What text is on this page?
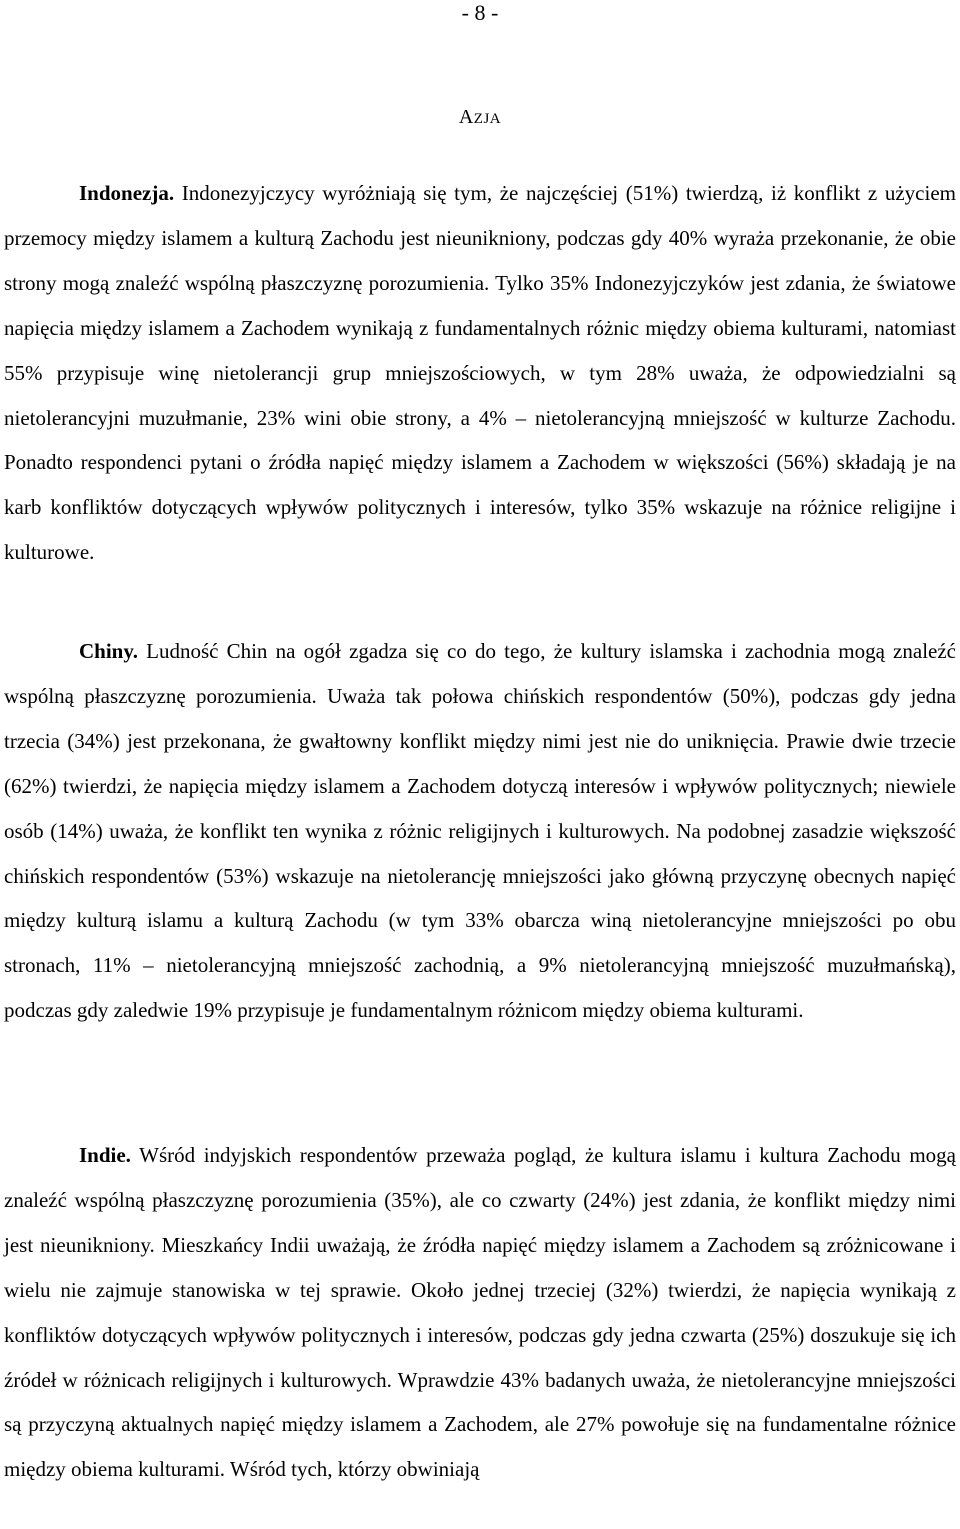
- 8 -
AZJA

Indonezja. Indonezyjczycy wyróżniają się tym, że najczęściej (51%) twierdzą, iż konflikt z użyciem przemocy między islamem a kulturą Zachodu jest nieunikniony, podczas gdy 40% wyraża przekonanie, że obie strony mogą znaleźć wspólną płaszczyznę porozumienia. Tylko 35% Indonezyjczyków jest zdania, że światowe napięcia między islamem a Zachodem wynikają z fundamentalnych różnic między obiema kulturami, natomiast 55% przypisuje winę nietolerancji grup mniejszościowych, w tym 28% uważa, że odpowiedzialni są nietolerancyjni muzułmanie, 23% wini obie strony, a 4% – nietolerancyjną mniejszość w kulturze Zachodu. Ponadto respondenci pytani o źródła napięć między islamem a Zachodem w większości (56%) składają je na karb konfliktów dotyczących wpływów politycznych i interesów, tylko 35% wskazuje na różnice religijne i kulturowe.

Chiny. Ludność Chin na ogół zgadza się co do tego, że kultury islamska i zachodnia mogą znaleźć wspólną płaszczyznę porozumienia. Uważa tak połowa chińskich respondentów (50%), podczas gdy jedna trzecia (34%) jest przekonana, że gwałtowny konflikt między nimi jest nie do uniknięcia. Prawie dwie trzecie (62%) twierdzi, że napięcia między islamem a Zachodem dotyczą interesów i wpływów politycznych; niewiele osób (14%) uważa, że konflikt ten wynika z różnic religijnych i kulturowych. Na podobnej zasadzie większość chińskich respondentów (53%) wskazuje na nietolerancję mniejszości jako główną przyczynę obecnych napięć między kulturą islamu a kulturą Zachodu (w tym 33% obarcza winą nietolerancyjne mniejszości po obu stronach, 11% – nietolerancyjną mniejszość zachodnią, a 9% nietolerancyjną mniejszość muzułmańską), podczas gdy zaledwie 19% przypisuje je fundamentalnym różnicom między obiema kulturami.

Indie. Wśród indyjskich respondentów przeważa pogląd, że kultura islamu i kultura Zachodu mogą znaleźć wspólną płaszczyznę porozumienia (35%), ale co czwarty (24%) jest zdania, że konflikt między nimi jest nieunikniony. Mieszkańcy Indii uważają, że źródła napięć między islamem a Zachodem są zróżnicowane i wielu nie zajmuje stanowiska w tej sprawie. Około jednej trzeciej (32%) twierdzi, że napięcia wynikają z konfliktów dotyczących wpływów politycznych i interesów, podczas gdy jedna czwarta (25%) doszukuje się ich źródeł w różnicach religijnych i kulturowych. Wprawdzie 43% badanych uważa, że nietolerancyjne mniejszości są przyczyną aktualnych napięć między islamem a Zachodem, ale 27% powołuje się na fundamentalne różnice między obiema kulturami. Wśród tych, którzy obwiniają
